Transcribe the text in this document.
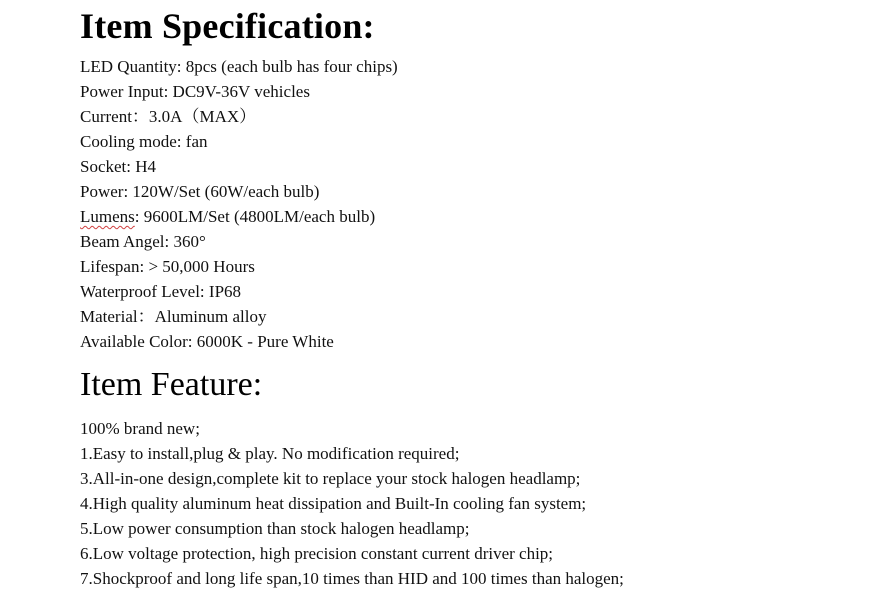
Item Specification:
LED Quantity: 8pcs (each bulb has four chips)
Power Input: DC9V-36V vehicles
Current：3.0A（MAX）
Cooling mode: fan
Socket: H4
Power: 120W/Set (60W/each bulb)
Lumens: 9600LM/Set (4800LM/each bulb)
Beam Angel: 360°
Lifespan: > 50,000 Hours
Waterproof Level: IP68
Material：Aluminum alloy
Available Color: 6000K - Pure White
Item Feature:
100% brand new;
1.Easy to install,plug & play. No modification required;
3.All-in-one design,complete kit to replace your stock halogen headlamp;
4.High quality aluminum heat dissipation and Built-In cooling fan system;
5.Low power consumption than stock halogen headlamp;
6.Low voltage protection, high precision constant current driver chip;
7.Shockproof and long life span,10 times than HID and 100 times than halogen;
